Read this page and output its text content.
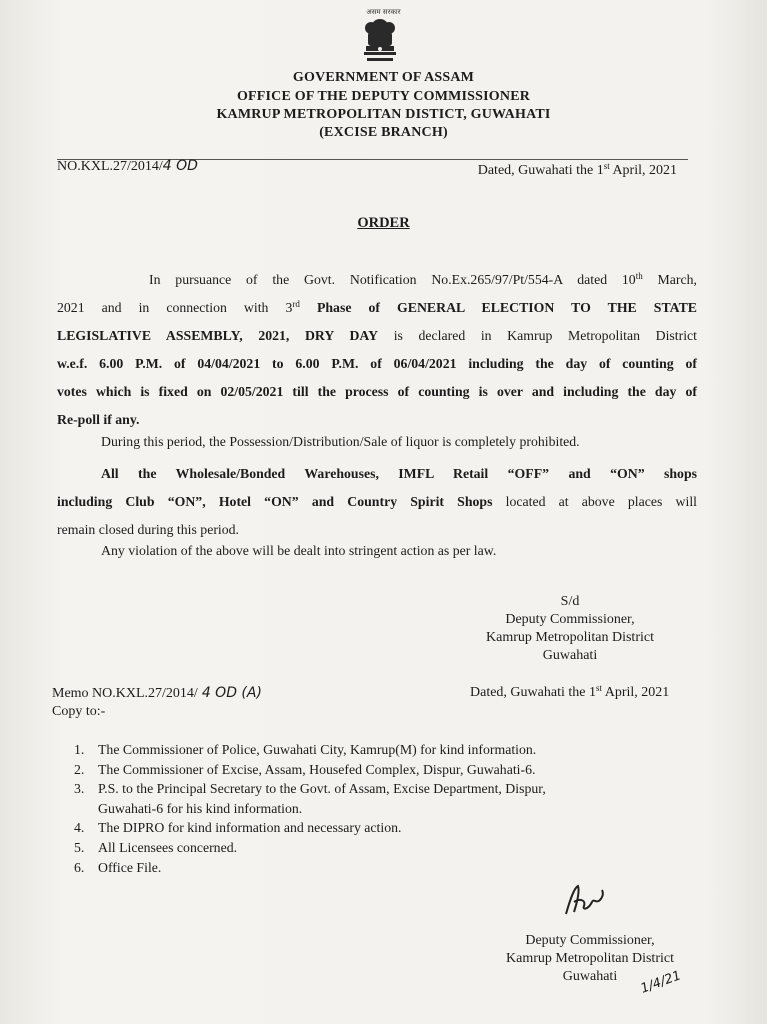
असम सरकार
GOVERNMENT OF ASSAM
OFFICE OF THE DEPUTY COMMISSIONER
KAMRUP METROPOLITAN DISTICT, GUWAHATI
(EXCISE BRANCH)
NO.KXL.27/2014/4 OD	Dated, Guwahati the 1st April, 2021
ORDER
In pursuance of the Govt. Notification No.Ex.265/97/Pt/554-A dated 10th March,
2021 and in connection with 3rd Phase of GENERAL ELECTION TO THE STATE
LEGISLATIVE ASSEMBLY, 2021, DRY DAY is declared in Kamrup Metropolitan District
w.e.f. 6.00 P.M. of 04/04/2021 to 6.00 P.M. of 06/04/2021 including the day of counting of
votes which is fixed on 02/05/2021 till the process of counting is over and including the day of
Re-poll if any.
During this period, the Possession/Distribution/Sale of liquor is completely prohibited.
All the Wholesale/Bonded Warehouses, IMFL Retail “OFF” and “ON” shops
including Club “ON”, Hotel “ON” and Country Spirit Shops located at above places will
remain closed during this period.
Any violation of the above will be dealt into stringent action as per law.
S/d
Deputy Commissioner,
Kamrup Metropolitan District
Guwahati
Memo NO.KXL.27/2014/ 4 OD (A)	Dated, Guwahati the 1st April, 2021
Copy to:-
1. The Commissioner of Police, Guwahati City, Kamrup(M) for kind information.
2. The Commissioner of Excise, Assam, Housefed Complex, Dispur, Guwahati-6.
3. P.S. to the Principal Secretary to the Govt. of Assam, Excise Department, Dispur,
Guwahati-6 for his kind information.
4. The DIPRO for kind information and necessary action.
5. All Licensees concerned.
6. Office File.
Deputy Commissioner,
Kamrup Metropolitan District
Guwahati	1/4/21
